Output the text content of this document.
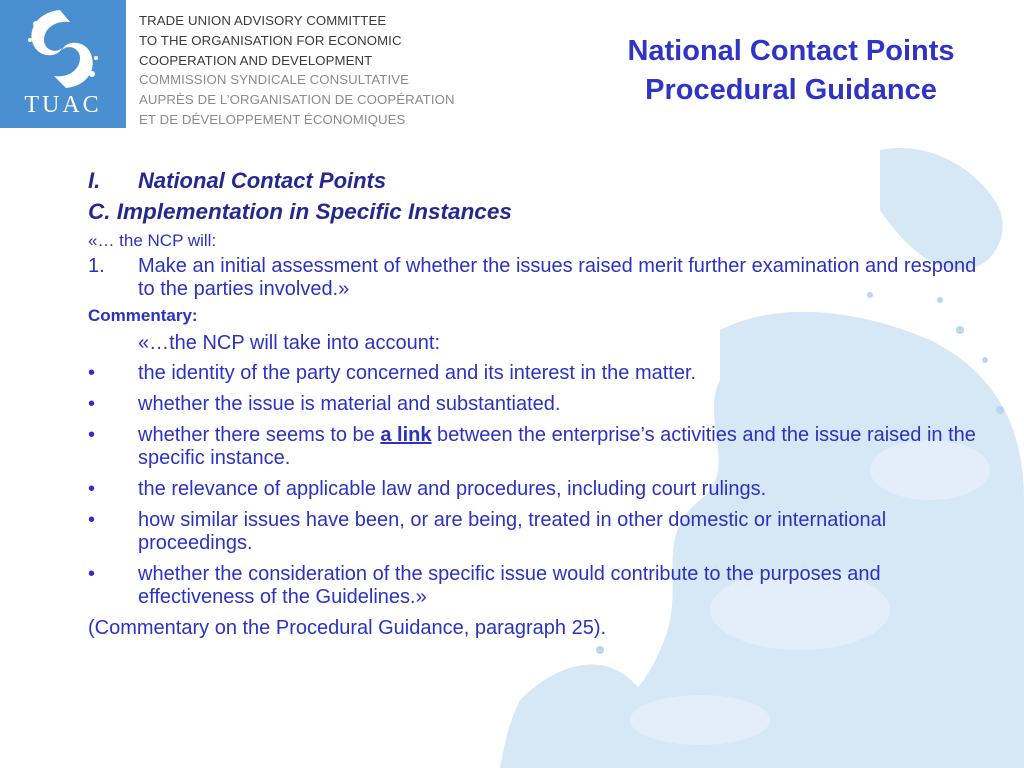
TUAC
TRADE UNION ADVISORY COMMITTEE
TO THE ORGANISATION FOR ECONOMIC
COOPERATION AND DEVELOPMENT
COMMISSION SYNDICALE CONSULTATIVE
AUPRÈS DE L’ORGANISATION DE COOPÉRATION
ET DE DÉVELOPPEMENT ÉCONOMIQUES
National Contact Points
Procedural Guidance
I.	National Contact Points
C. Implementation in Specific Instances
«… the NCP will:
1.	Make an initial assessment of whether the issues raised merit further examination and respond to the parties involved.»
Commentary:
«…the NCP will take into account:
•	the identity of the party concerned and its interest in the matter.
•	whether the issue is material and substantiated.
•	whether there seems to be a link between the enterprise’s activities and the issue raised in the specific instance.
•	the relevance of applicable law and procedures, including court rulings.
•	how similar issues have been, or are being, treated in other domestic or international proceedings.
•	whether the consideration of the specific issue would contribute to the purposes and effectiveness of the Guidelines.»
(Commentary on the Procedural Guidance, paragraph 25).
